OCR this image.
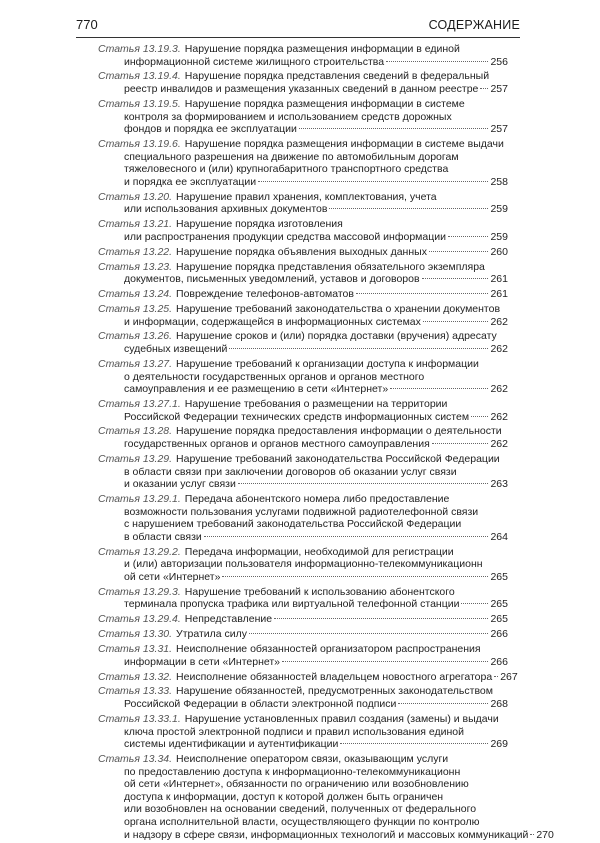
770	СОДЕРЖАНИЕ
Статья 13.19.3. Нарушение порядка размещения информации в единой
информационной системе жилищного строительства	256
Статья 13.19.4. Нарушение порядка представления сведений в федеральный
реестр инвалидов и размещения указанных сведений в данном реестре 257
Статья 13.19.5. Нарушение порядка размещения информации в системе
контроля за формированием и использованием средств дорожных
фондов и порядка ее эксплуатации	257
Статья 13.19.6. Нарушение порядка размещения информации в системе выдачи
специального разрешения на движение по автомобильным дорогам
тяжеловесного и (или) крупногабаритного транспортного средства
и порядка ее эксплуатации	258
Статья 13.20. Нарушение правил хранения, комплектования, учета
или использования архивных документов	259
Статья 13.21. Нарушение порядка изготовления
или распространения продукции средства массовой информации	259
Статья 13.22. Нарушение порядка объявления выходных данных	260
Статья 13.23. Нарушение порядка представления обязательного экземпляра
документов, письменных уведомлений, уставов и договоров	261
Статья 13.24. Повреждение телефонов-автоматов	261
Статья 13.25. Нарушение требований законодательства о хранении документов
и информации, содержащейся в информационных системах	262
Статья 13.26. Нарушение сроков и (или) порядка доставки (вручения) адресату
судебных извещений	262
Статья 13.27. Нарушение требований к организации доступа к информации
о деятельности государственных органов и органов местного
самоуправления и ее размещению в сети «Интернет»	262
Статья 13.27.1. Нарушение требования о размещении на территории
Российской Федерации технических средств информационных систем 262
Статья 13.28. Нарушение порядка предоставления информации о деятельности
государственных органов и органов местного самоуправления	262
Статья 13.29. Нарушение требований законодательства Российской Федерации
в области связи при заключении договоров об оказании услуг связи
и оказании услуг связи	263
Статья 13.29.1. Передача абонентского номера либо предоставление
возможности пользования услугами подвижной радиотелефонной связи
с нарушением требований законодательства Российской Федерации
в области связи	264
Статья 13.29.2. Передача информации, необходимой для регистрации
и (или) авторизации пользователя информационно-телекоммуникационн
ой сети «Интернет»	265
Статья 13.29.3. Нарушение требований к использованию абонентского
терминала пропуска трафика или виртуальной телефонной станции	265
Статья 13.29.4. Непредставление	265
Статья 13.30. Утратила силу	266
Статья 13.31. Неисполнение обязанностей организатором распространения
информации в сети «Интернет»	266
Статья 13.32. Неисполнение обязанностей владельцем новостного агрегатора 267
Статья 13.33. Нарушение обязанностей, предусмотренных законодательством
Российской Федерации в области электронной подписи	268
Статья 13.33.1. Нарушение установленных правил создания (замены) и выдачи
ключа простой электронной подписи и правил использования единой
системы идентификации и аутентификации	269
Статья 13.34. Неисполнение оператором связи, оказывающим услуги
по предоставлению доступа к информационно-телекоммуникационн
ой сети «Интернет», обязанности по ограничению или возобновлению
доступа к информации, доступ к которой должен быть ограничен
или возобновлен на основании сведений, полученных от федерального
органа исполнительной власти, осуществляющего функции по контролю
и надзору в сфере связи, информационных технологий и массовых коммуникаций 270
